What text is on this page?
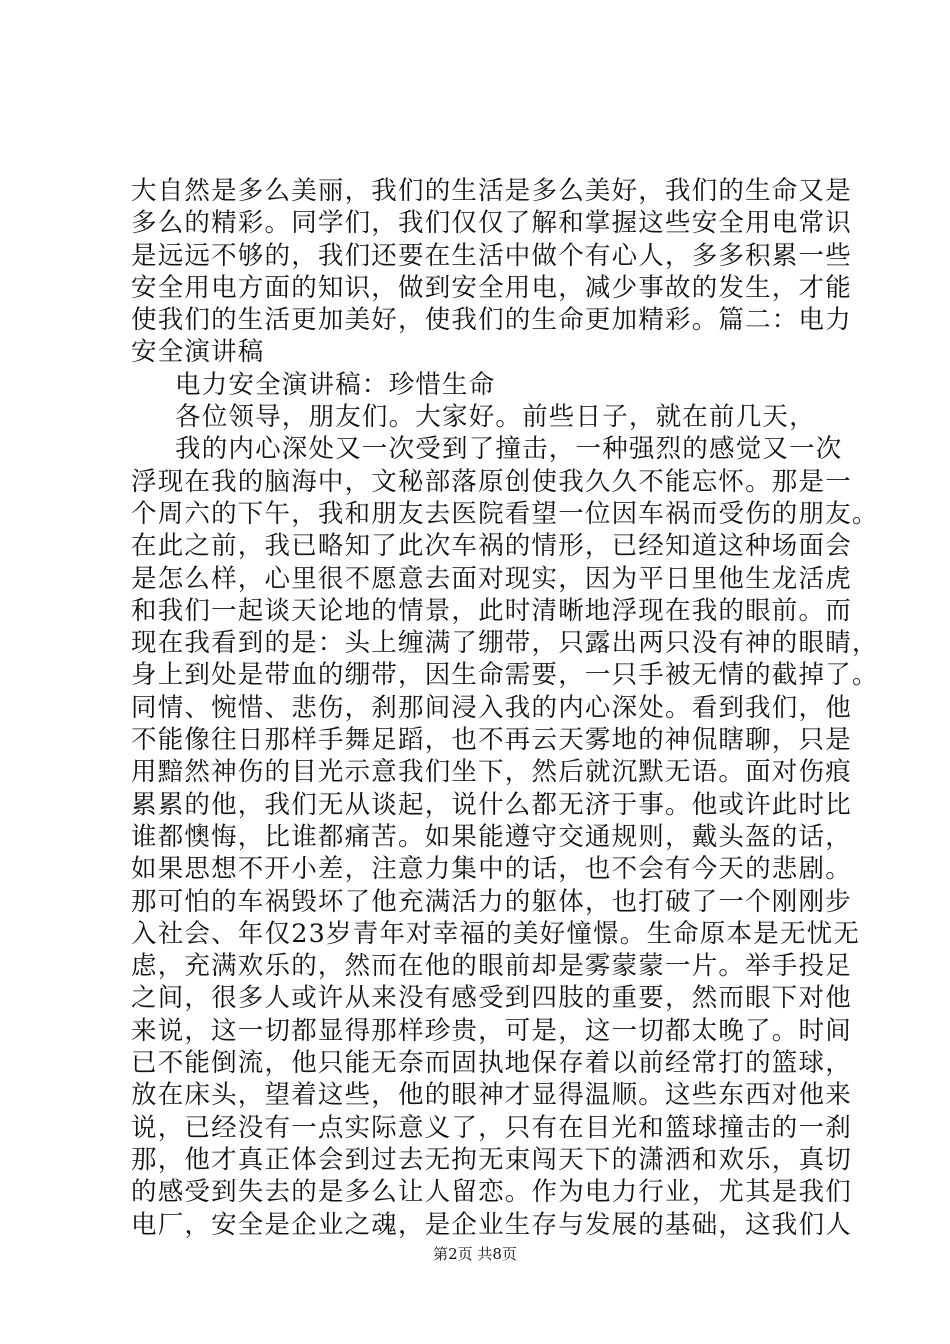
大自然是多么美丽，我们的生活是多么美好，我们的生命又是
多么的精彩。同学们，我们仅仅了解和掌握这些安全用电常识
是远远不够的，我们还要在生活中做个有心人，多多积累一些
安全用电方面的知识，做到安全用电，减少事故的发生，才能
使我们的生活更加美好，使我们的生命更加精彩。篇二：电力
安全演讲稿
电力安全演讲稿：珍惜生命
各位领导，朋友们。大家好。前些日子，就在前几天，
我的内心深处又一次受到了撞击，一种强烈的感觉又一次
浮现在我的脑海中，文秘部落原创使我久久不能忘怀。那是一
个周六的下午，我和朋友去医院看望一位因车祸而受伤的朋友。
在此之前，我已略知了此次车祸的情形，已经知道这种场面会
是怎么样，心里很不愿意去面对现实，因为平日里他生龙活虎
和我们一起谈天论地的情景，此时清晰地浮现在我的眼前。而
现在我看到的是：头上缠满了绷带，只露出两只没有神的眼睛，
身上到处是带血的绷带，因生命需要，一只手被无情的截掉了。
同情、惋惜、悲伤，刹那间浸入我的内心深处。看到我们，他
不能像往日那样手舞足蹈，也不再云天雾地的神侃瞎聊，只是
用黯然神伤的目光示意我们坐下，然后就沉默无语。面对伤痕
累累的他，我们无从谈起，说什么都无济于事。他或许此时比
谁都懊悔，比谁都痛苦。如果能遵守交通规则，戴头盔的话，
如果思想不开小差，注意力集中的话，也不会有今天的悲剧。
那可怕的车祸毁坏了他充满活力的躯体，也打破了一个刚刚步
入社会、年仅23岁青年对幸福的美好憧憬。生命原本是无忧无
虑，充满欢乐的，然而在他的眼前却是雾蒙蒙一片。举手投足
之间，很多人或许从来没有感受到四肢的重要，然而眼下对他
来说，这一切都显得那样珍贵，可是，这一切都太晚了。时间
已不能倒流，他只能无奈而固执地保存着以前经常打的篮球，
放在床头，望着这些，他的眼神才显得温顺。这些东西对他来
说，已经没有一点实际意义了，只有在目光和篮球撞击的一刹
那，他才真正体会到过去无拘无束闯天下的潇洒和欢乐，真切
的感受到失去的是多么让人留恋。作为电力行业，尤其是我们
电厂，安全是企业之魂，是企业生存与发展的基础，这我们人
第2页 共8页
